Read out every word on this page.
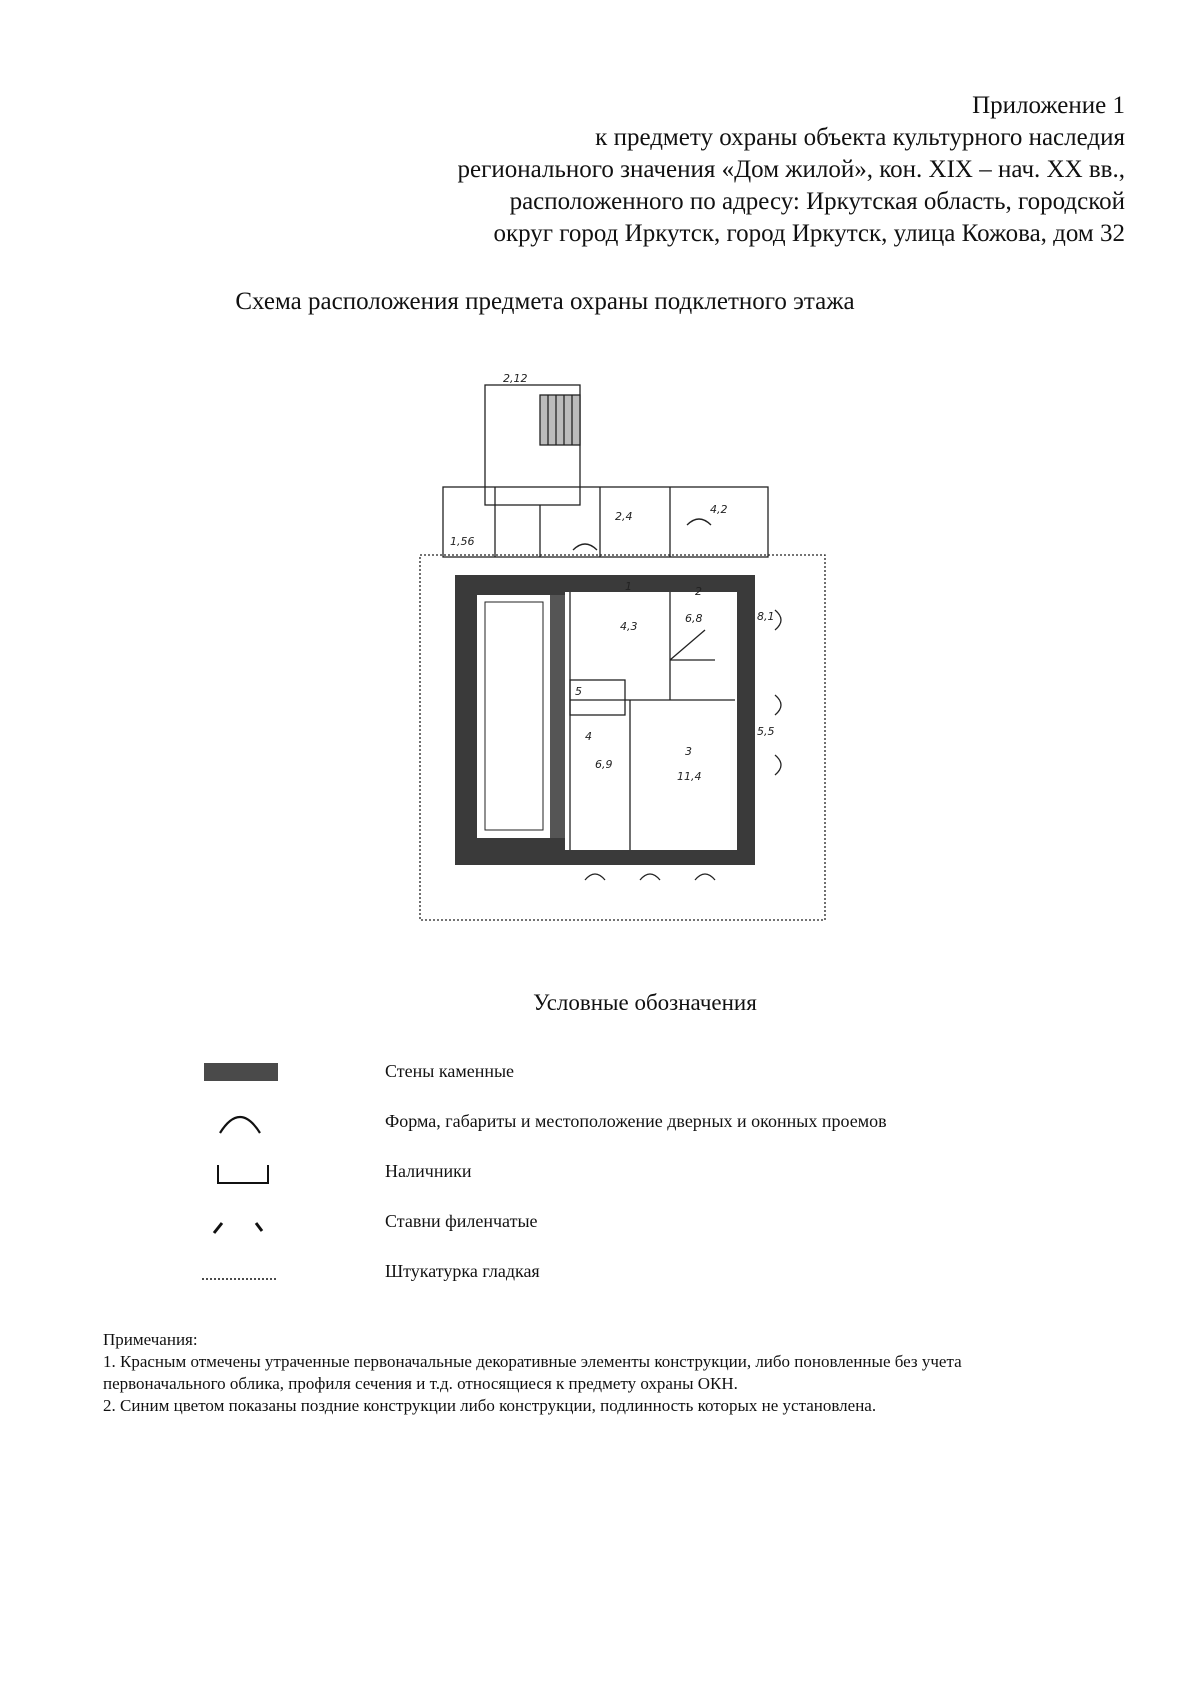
Приложение 1
к предмету охраны объекта культурного наследия
регионального значения «Дом жилой», кон. XIX – нач. XX вв.,
расположенного по адресу: Иркутская область, городской
округ город Иркутск, город Иркутск, улица Кожова, дом 32
Схема расположения предмета охраны подклетного этажа
2,12
1,56
2,4
4,2
1
4,3
2
6,8
5
4
6,9
3
11,4
8,1
5,5
Условные обозначения
Стены каменные
Форма, габариты и местоположение дверных и оконных проемов
Наличники
Ставни филенчатые
Штукатурка гладкая
Примечания:
1. Красным отмечены утраченные первоначальные декоративные элементы конструкции, либо поновленные без учета
первоначального облика, профиля сечения и т.д. относящиеся к предмету охраны ОКН.
2. Синим цветом показаны поздние конструкции либо конструкции, подлинность которых не установлена.
